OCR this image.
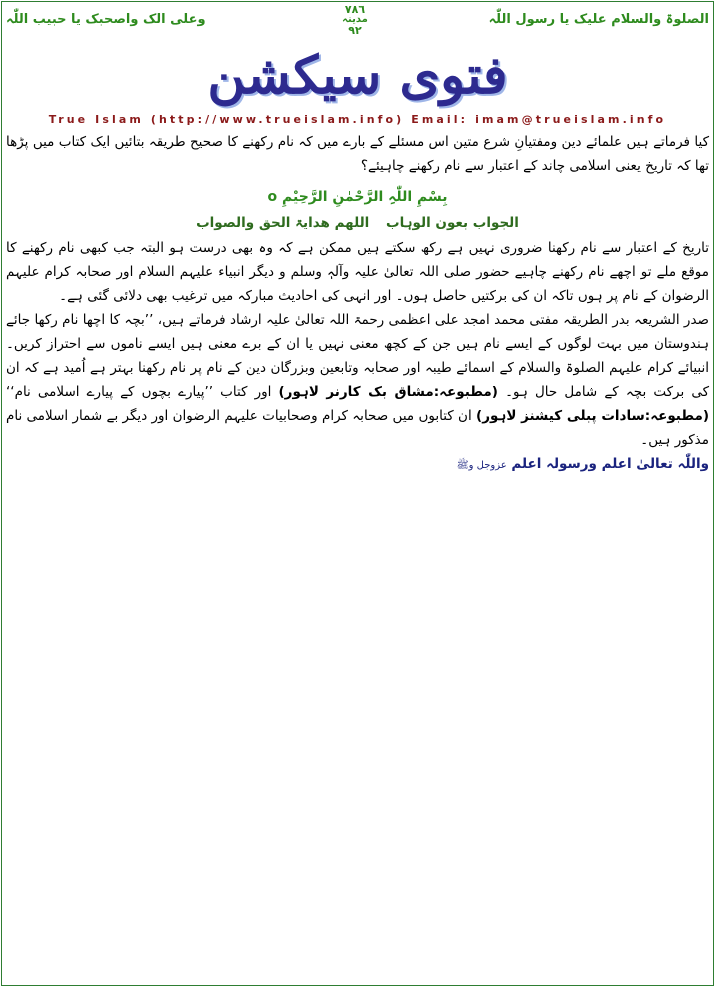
الصلوۃ والسلام علیک یا رسول اللّٰہ
وعلی الک واصحبک یا حبیب اللّٰہ
٧٨٦
مدینہ
٩٢
فتوی سیکشن
True Islam (http://www.trueislam.info) Email: imam@trueislam.info

کیا فرماتے ہیں علمائے دین ومفتیانِ شرع متین اس مسئلے کے بارے میں کہ نام رکھنے کا صحیح طریقہ بتائیں ایک کتاب میں پڑھا تھا کہ تاریخ یعنی اسلامی چاند کے اعتبار سے نام رکھنے چاہیئے؟

بِسْمِ اللّٰہِ الرَّحْمٰنِ الرَّحِیْمِ o

الجواب بعون الوہاب اللھم ھدایۃ الحق والصواب

تاریخ کے اعتبار سے نام رکھنا ضروری نہیں ہے رکھ سکتے ہیں ممکن ہے کہ وہ بھی درست ہو البتہ جب کبھی نام رکھنے کا موقع ملے تو اچھے نام رکھنے چاہیے حضور صلی اللہ تعالیٰ علیہ وآلہٖ وسلم و دیگر انبیاء علیہم السلام اور صحابہ کرام علیہم الرضوان کے نام پر ہوں تاکہ ان کی برکتیں حاصل ہوں۔ اور انہی کی احادیث مبارکہ میں ترغیب بھی دلائی گئی ہے۔

صدر الشریعہ بدر الطریقہ مفتی محمد امجد علی اعظمی رحمۃ اللہ تعالیٰ علیہ ارشاد فرماتے ہیں، ’’بچہ کا اچھا نام رکھا جائے ہندوستان میں بہت لوگوں کے ایسے نام ہیں جن کے کچھ معنی نہیں یا ان کے برے معنی ہیں ایسے ناموں سے احتراز کریں۔ انبیائے کرام علیہم الصلوۃ والسلام کے اسمائے طیبہ اور صحابہ وتابعین وبزرگان دین کے نام پر نام رکھنا بہتر ہے اُمید ہے کہ ان کی برکت بچہ کے شامل حال ہو۔ (مطبوعہ:مشاق بک کارنر لاہور) اور کتاب ’’پیارے بچوں کے پیارے اسلامی نام‘‘ (مطبوعہ:سادات پبلی کیشنز لاہور) ان کتابوں میں صحابہ کرام وصحابیات علیہم الرضوان اور دیگر بے شمار اسلامی نام مذکور ہیں۔

واللّٰہ تعالیٰ اعلم ورسولہ اعلم عزوجل وﷺ
